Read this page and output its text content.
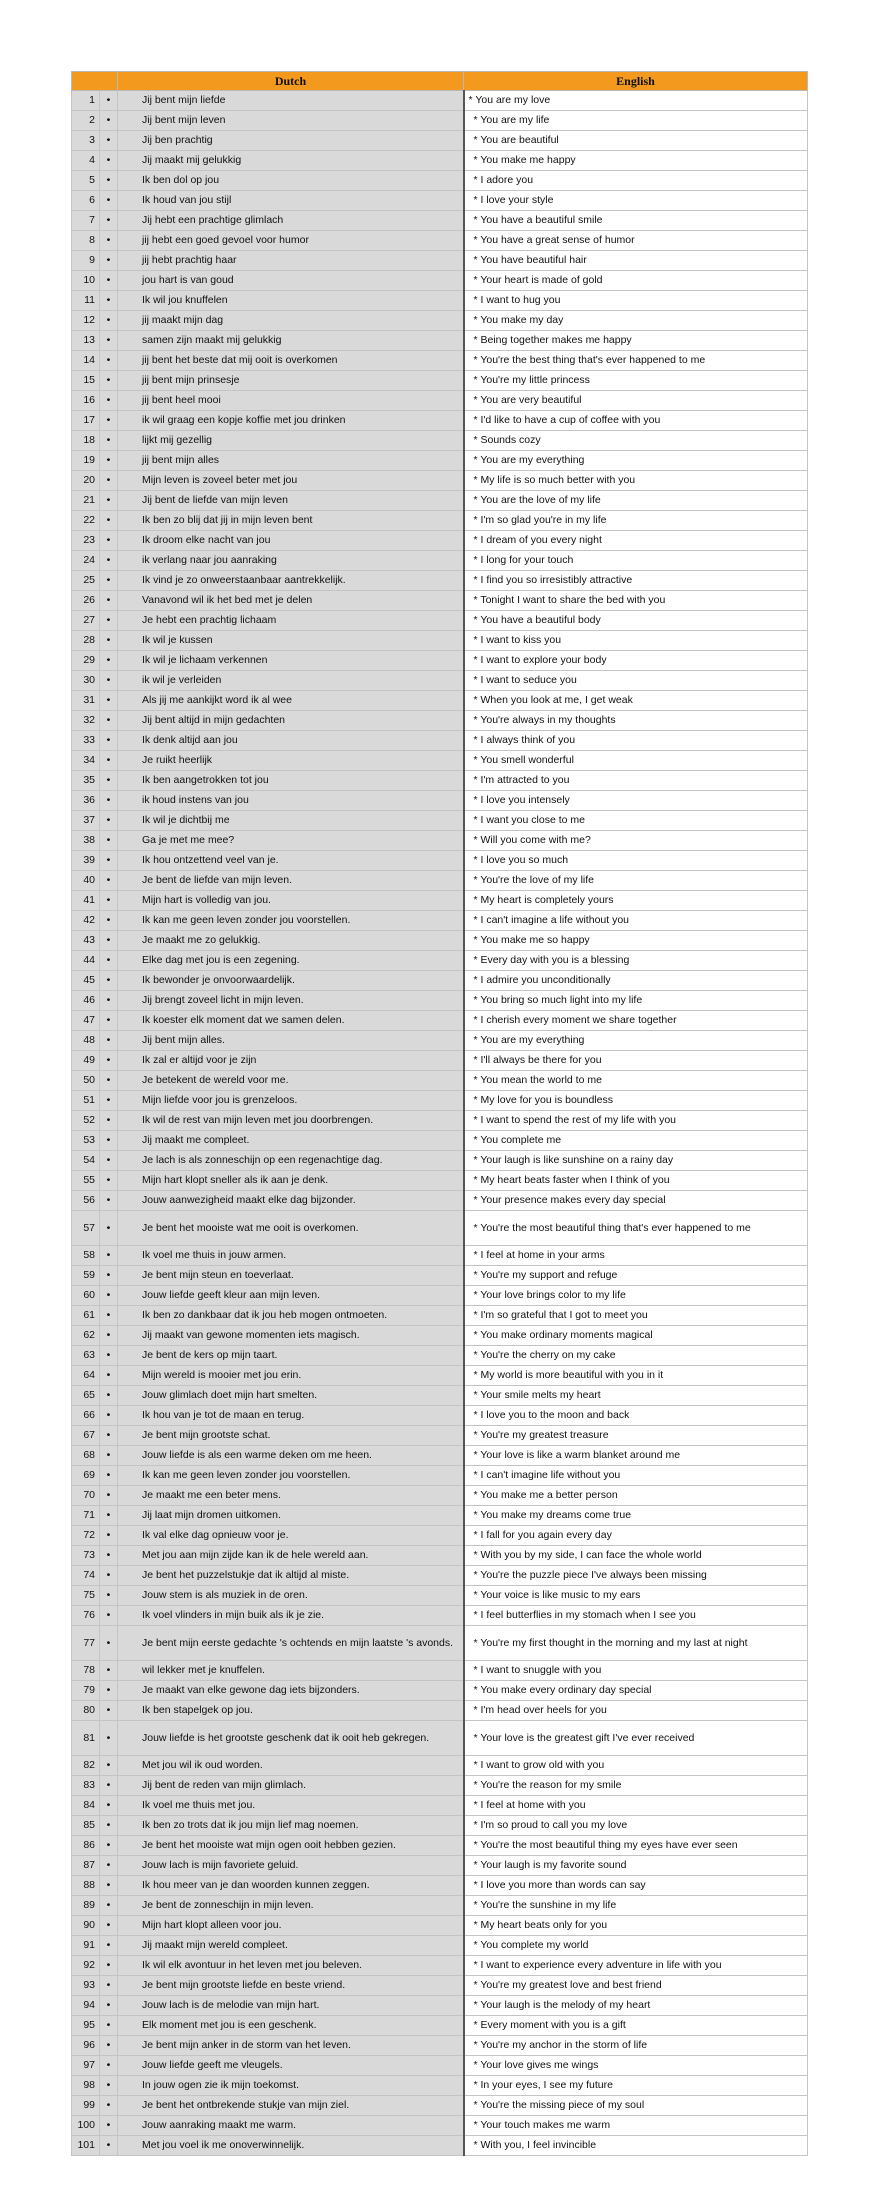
		Dutch	English
1	•	Jij bent mijn liefde	* You are my love
2	•	Jij bent mijn leven	* You are my life
3	•	Jij ben prachtig	* You are beautiful
4	•	Jij maakt mij gelukkig	* You make me happy
5	•	Ik ben dol op jou	* I adore you
6	•	Ik houd van jou stijl	* I love your style
7	•	Jij hebt een prachtige glimlach	* You have a beautiful smile
8	•	jij hebt een goed gevoel voor humor	* You have a great sense of humor
9	•	jij hebt prachtig haar	* You have beautiful hair
10	•	jou hart is van goud	* Your heart is made of gold
11	•	Ik wil jou knuffelen	* I want to hug you
12	•	jij maakt mijn dag	* You make my day
13	•	samen zijn maakt mij gelukkig	* Being together makes me happy
14	•	jij bent het beste dat mij ooit is overkomen	* You're the best thing that's ever happened to me
15	•	jij bent mijn prinsesje	* You're my little princess
16	•	jij bent heel mooi	* You are very beautiful
17	•	ik wil graag een kopje koffie met jou drinken	* I'd like to have a cup of coffee with you
18	•	lijkt mij gezellig	* Sounds cozy
19	•	jij bent mijn alles	* You are my everything
20	•	Mijn leven is zoveel beter met jou	* My life is so much better with you
21	•	Jij bent de liefde van mijn leven	* You are the love of my life
22	•	Ik ben zo blij dat jij in mijn leven bent	* I'm so glad you're in my life
23	•	Ik droom elke nacht van jou	* I dream of you every night
24	•	ik verlang naar jou aanraking	* I long for your touch
25	•	Ik vind je zo onweerstaanbaar aantrekkelijk.	* I find you so irresistibly attractive
26	•	Vanavond wil ik het bed met je delen	* Tonight I want to share the bed with you
27	•	Je hebt een prachtig lichaam	* You have a beautiful body
28	•	Ik wil je kussen	* I want to kiss you
29	•	Ik wil je lichaam verkennen	* I want to explore your body
30	•	ik wil je verleiden	* I want to seduce you
31	•	Als jij me aankijkt word ik al wee	* When you look at me, I get weak
32	•	Jij bent altijd in mijn gedachten	* You're always in my thoughts
33	•	Ik denk altijd aan jou	* I always think of you
34	•	Je ruikt heerlijk	* You smell wonderful
35	•	Ik ben aangetrokken tot jou	* I'm attracted to you
36	•	ik houd instens van jou	* I love you intensely
37	•	Ik wil je dichtbij me	* I want you close to me
38	•	Ga je met me mee?	* Will you come with me?
39	•	Ik hou ontzettend veel van je.	* I love you so much
40	•	Je bent de liefde van mijn leven.	* You're the love of my life
41	•	Mijn hart is volledig van jou.	* My heart is completely yours
42	•	Ik kan me geen leven zonder jou voorstellen.	* I can't imagine a life without you
43	•	Je maakt me zo gelukkig.	* You make me so happy
44	•	Elke dag met jou is een zegening.	* Every day with you is a blessing
45	•	Ik bewonder je onvoorwaardelijk.	* I admire you unconditionally
46	•	Jij brengt zoveel licht in mijn leven.	* You bring so much light into my life
47	•	Ik koester elk moment dat we samen delen.	* I cherish every moment we share together
48	•	Jij bent mijn alles.	* You are my everything
49	•	Ik zal er altijd voor je zijn	* I'll always be there for you
50	•	Je betekent de wereld voor me.	* You mean the world to me
51	•	Mijn liefde voor jou is grenzeloos.	* My love for you is boundless
52	•	Ik wil de rest van mijn leven met jou doorbrengen.	* I want to spend the rest of my life with you
53	•	Jij maakt me compleet.	* You complete me
54	•	Je lach is als zonneschijn op een regenachtige dag.	* Your laugh is like sunshine on a rainy day
55	•	Mijn hart klopt sneller als ik aan je denk.	* My heart beats faster when I think of you
56	•	Jouw aanwezigheid maakt elke dag bijzonder.	* Your presence makes every day special
57	•	Je bent het mooiste wat me ooit is overkomen.	* You're the most beautiful thing that's ever happened to me
58	•	Ik voel me thuis in jouw armen.	* I feel at home in your arms
59	•	Je bent mijn steun en toeverlaat.	* You're my support and refuge
60	•	Jouw liefde geeft kleur aan mijn leven.	* Your love brings color to my life
61	•	Ik ben zo dankbaar dat ik jou heb mogen ontmoeten.	* I'm so grateful that I got to meet you
62	•	Jij maakt van gewone momenten iets magisch.	* You make ordinary moments magical
63	•	Je bent de kers op mijn taart.	* You're the cherry on my cake
64	•	Mijn wereld is mooier met jou erin.	* My world is more beautiful with you in it
65	•	Jouw glimlach doet mijn hart smelten.	* Your smile melts my heart
66	•	Ik hou van je tot de maan en terug.	* I love you to the moon and back
67	•	Je bent mijn grootste schat.	* You're my greatest treasure
68	•	Jouw liefde is als een warme deken om me heen.	* Your love is like a warm blanket around me
69	•	Ik kan me geen leven zonder jou voorstellen.	* I can't imagine life without you
70	•	Je maakt me een beter mens.	* You make me a better person
71	•	Jij laat mijn dromen uitkomen.	* You make my dreams come true
72	•	Ik val elke dag opnieuw voor je.	* I fall for you again every day
73	•	Met jou aan mijn zijde kan ik de hele wereld aan.	* With you by my side, I can face the whole world
74	•	Je bent het puzzelstukje dat ik altijd al miste.	* You're the puzzle piece I've always been missing
75	•	Jouw stem is als muziek in de oren.	* Your voice is like music to my ears
76	•	Ik voel vlinders in mijn buik als ik je zie.	* I feel butterflies in my stomach when I see you
77	•	Je bent mijn eerste gedachte 's ochtends en mijn laatste 's avonds.	* You're my first thought in the morning and my last at night
78	•	wil lekker met je knuffelen.	* I want to snuggle with you
79	•	Je maakt van elke gewone dag iets bijzonders.	* You make every ordinary day special
80	•	Ik ben stapelgek op jou.	* I'm head over heels for you
81	•	Jouw liefde is het grootste geschenk dat ik ooit heb gekregen.	* Your love is the greatest gift I've ever received
82	•	Met jou wil ik oud worden.	* I want to grow old with you
83	•	Jij bent de reden van mijn glimlach.	* You're the reason for my smile
84	•	Ik voel me thuis met jou.	* I feel at home with you
85	•	Ik ben zo trots dat ik jou mijn lief mag noemen.	* I'm so proud to call you my love
86	•	Je bent het mooiste wat mijn ogen ooit hebben gezien.	* You're the most beautiful thing my eyes have ever seen
87	•	Jouw lach is mijn favoriete geluid.	* Your laugh is my favorite sound
88	•	Ik hou meer van je dan woorden kunnen zeggen.	* I love you more than words can say
89	•	Je bent de zonneschijn in mijn leven.	* You're the sunshine in my life
90	•	Mijn hart klopt alleen voor jou.	* My heart beats only for you
91	•	Jij maakt mijn wereld compleet.	* You complete my world
92	•	Ik wil elk avontuur in het leven met jou beleven.	* I want to experience every adventure in life with you
93	•	Je bent mijn grootste liefde en beste vriend.	* You're my greatest love and best friend
94	•	Jouw lach is de melodie van mijn hart.	* Your laugh is the melody of my heart
95	•	Elk moment met jou is een geschenk.	* Every moment with you is a gift
96	•	Je bent mijn anker in de storm van het leven.	* You're my anchor in the storm of life
97	•	Jouw liefde geeft me vleugels.	* Your love gives me wings
98	•	In jouw ogen zie ik mijn toekomst.	* In your eyes, I see my future
99	•	Je bent het ontbrekende stukje van mijn ziel.	* You're the missing piece of my soul
100	•	Jouw aanraking maakt me warm.	* Your touch makes me warm
101	•	Met jou voel ik me onoverwinnelijk.	* With you, I feel invincible
